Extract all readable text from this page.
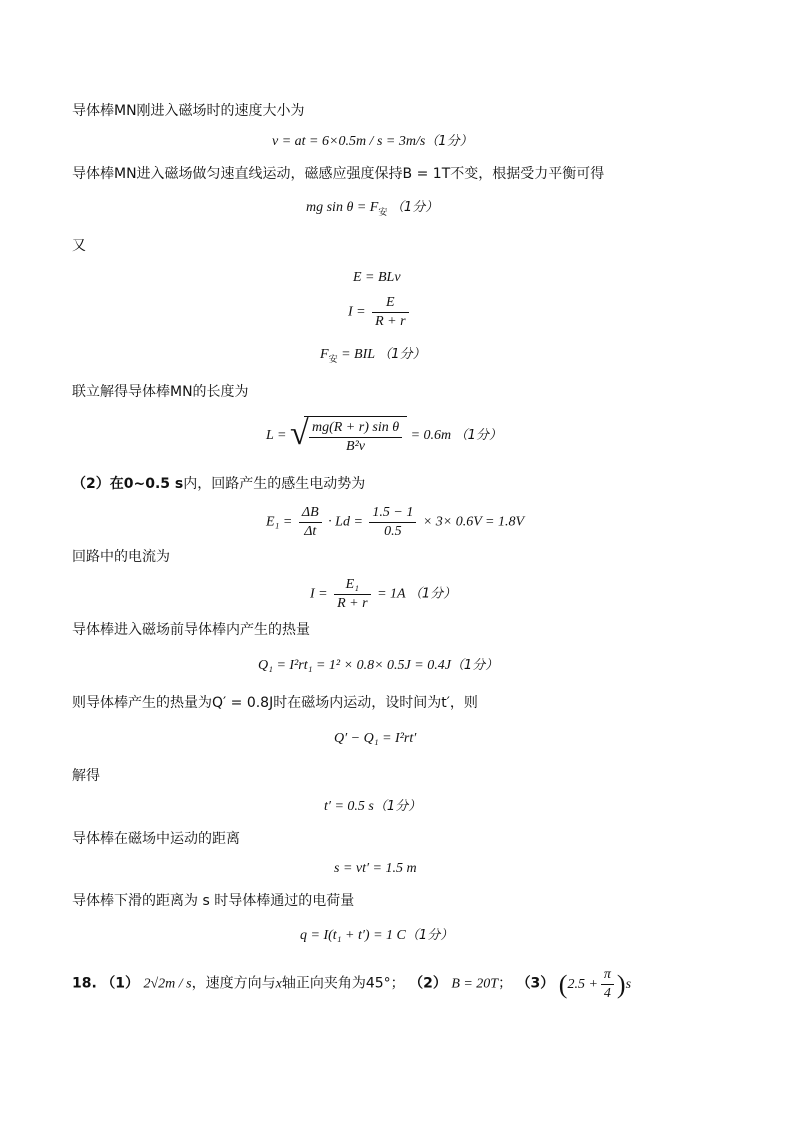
导体棒MN刚进入磁场时的速度大小为
v = at = 6×0.5m / s = 3m/s（1分）
导体棒MN进入磁场做匀速直线运动，磁感应强度保持B = 1T不变，根据受力平衡可得
mg $\sin \theta = F_安$ （1分）
又
E = BLv
$I = \frac{E}{R + r}$
$F_安$ = BIL （1分）
联立解得导体棒MN的长度为
L = √ $\frac{\text{mg(R + r) sin θ}}{\text{B²v}} = 0.6m$ （1分）
（2）在0~0.5 s内，回路产生的感生电动势为
$E_1 = \frac{\Delta B}{\Delta t} \cdot Ld = \frac{1.5 - 1}{0.5} \times 3\times 0.6V = 1.8V$
回路中的电流为
$I = \frac{\text{E₁}}{R + r} = 1A$ （1分）
导体棒进入磁场前导体棒内产生的热量
Q₁ = I²rt₁ = 1² × 0.8× 0.5J = 0.4J（1分）
则导体棒产生的热量为Q′ = 0.8J时在磁场内运动，设时间为t′，则
Q′ − Q₁ = I²rt′
解得
t′ = 0.5 s（1分）
导体棒在磁场中运动的距离
s = vt′ = 1.5 m
导体棒下滑的距离为 s 时导体棒通过的电荷量
q = I(t₁ + t′) = 1 C（1分）
18. （1） 2√2m / s，速度方向与x轴正向夹角为45°； （2） B = 20T； （3） $(2.5 + \frac{\pi}{4} )s$
